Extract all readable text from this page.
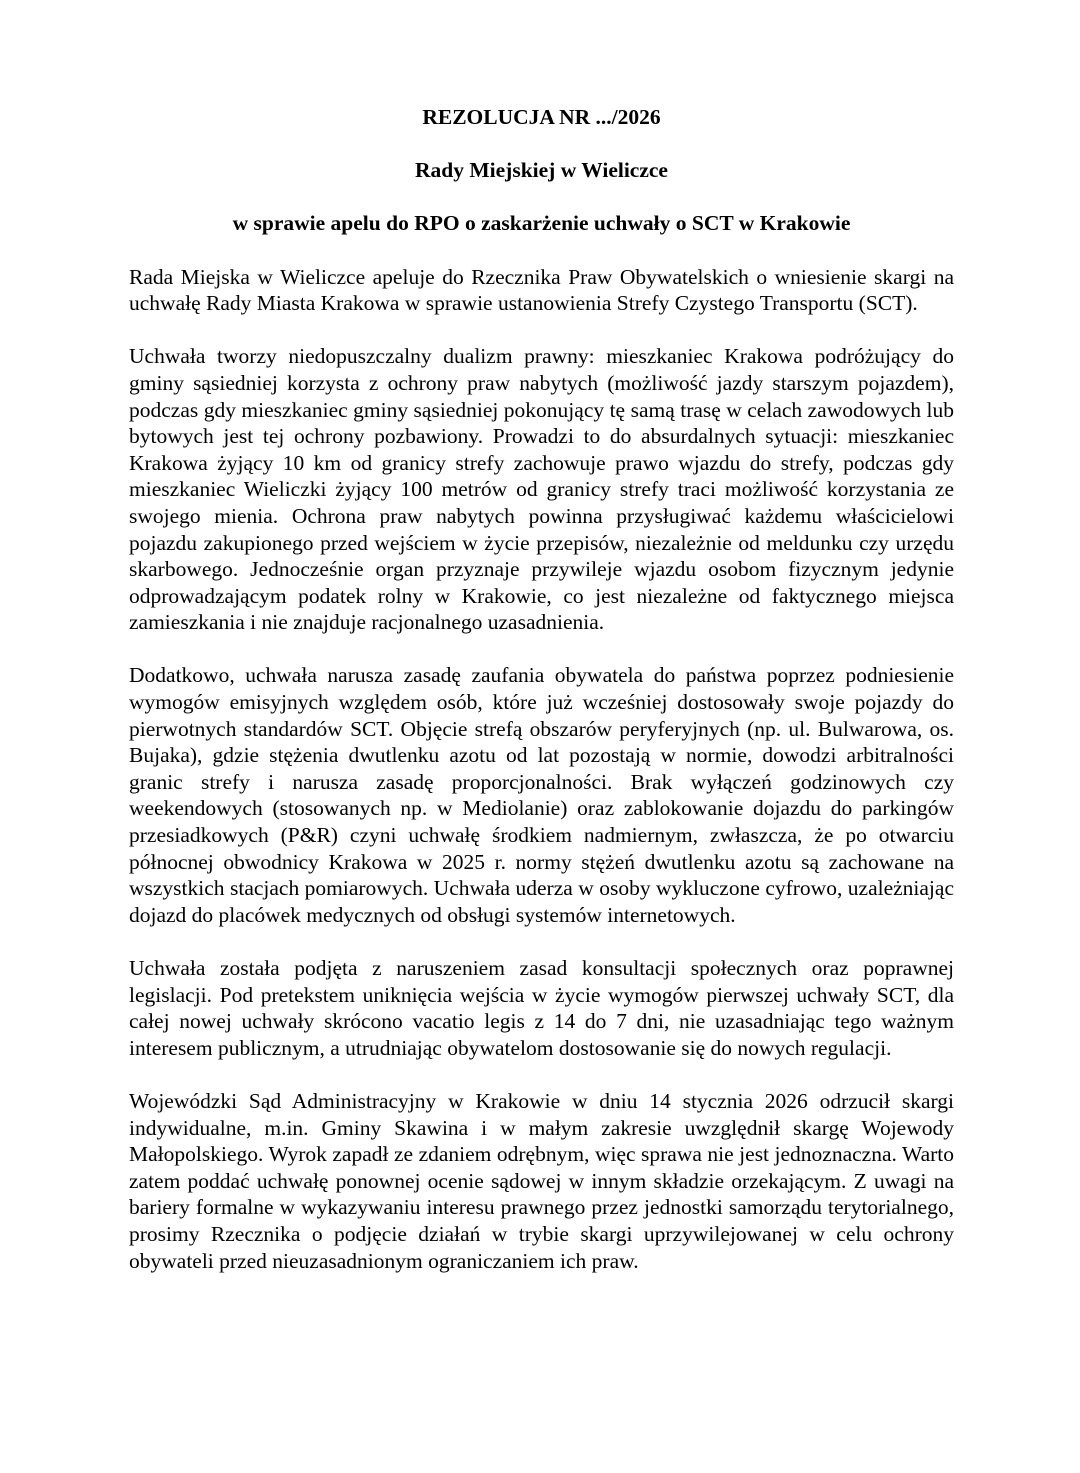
REZOLUCJA NR .../2026
Rady Miejskiej w Wieliczce
w sprawie apelu do RPO o zaskarżenie uchwały o SCT w Krakowie

Rada Miejska w Wieliczce apeluje do Rzecznika Praw Obywatelskich o wniesienie skargi na uchwałę Rady Miasta Krakowa w sprawie ustanowienia Strefy Czystego Transportu (SCT).

Uchwała tworzy niedopuszczalny dualizm prawny: mieszkaniec Krakowa podróżujący do gminy sąsiedniej korzysta z ochrony praw nabytych (możliwość jazdy starszym pojazdem), podczas gdy mieszkaniec gminy sąsiedniej pokonujący tę samą trasę w celach zawodowych lub bytowych jest tej ochrony pozbawiony. Prowadzi to do absurdalnych sytuacji: mieszkaniec Krakowa żyjący 10 km od granicy strefy zachowuje prawo wjazdu do strefy, podczas gdy mieszkaniec Wieliczki żyjący 100 metrów od granicy strefy traci możliwość korzystania ze swojego mienia. Ochrona praw nabytych powinna przysługiwać każdemu właścicielowi pojazdu zakupionego przed wejściem w życie przepisów, niezależnie od meldunku czy urzędu skarbowego. Jednocześnie organ przyznaje przywileje wjazdu osobom fizycznym jedynie odprowadzającym podatek rolny w Krakowie, co jest niezależne od faktycznego miejsca zamieszkania i nie znajduje racjonalnego uzasadnienia.

Dodatkowo, uchwała narusza zasadę zaufania obywatela do państwa poprzez podniesienie wymogów emisyjnych względem osób, które już wcześniej dostosowały swoje pojazdy do pierwotnych standardów SCT. Objęcie strefą obszarów peryferyjnych (np. ul. Bulwarowa, os. Bujaka), gdzie stężenia dwutlenku azotu od lat pozostają w normie, dowodzi arbitralności granic strefy i narusza zasadę proporcjonalności. Brak wyłączeń godzinowych czy weekendowych (stosowanych np. w Mediolanie) oraz zablokowanie dojazdu do parkingów przesiadkowych (P&R) czyni uchwałę środkiem nadmiernym, zwłaszcza, że po otwarciu północnej obwodnicy Krakowa w 2025 r. normy stężeń dwutlenku azotu są zachowane na wszystkich stacjach pomiarowych. Uchwała uderza w osoby wykluczone cyfrowo, uzależniając dojazd do placówek medycznych od obsługi systemów internetowych.

Uchwała została podjęta z naruszeniem zasad konsultacji społecznych oraz poprawnej legislacji. Pod pretekstem uniknięcia wejścia w życie wymogów pierwszej uchwały SCT, dla całej nowej uchwały skrócono vacatio legis z 14 do 7 dni, nie uzasadniając tego ważnym interesem publicznym, a utrudniając obywatelom dostosowanie się do nowych regulacji.

Wojewódzki Sąd Administracyjny w Krakowie w dniu 14 stycznia 2026 odrzucił skargi indywidualne, m.in. Gminy Skawina i w małym zakresie uwzględnił skargę Wojewody Małopolskiego. Wyrok zapadł ze zdaniem odrębnym, więc sprawa nie jest jednoznaczna. Warto zatem poddać uchwałę ponownej ocenie sądowej w innym składzie orzekającym. Z uwagi na bariery formalne w wykazywaniu interesu prawnego przez jednostki samorządu terytorialnego, prosimy Rzecznika o podjęcie działań w trybie skargi uprzywilejowanej w celu ochrony obywateli przed nieuzasadnionym ograniczaniem ich praw.
